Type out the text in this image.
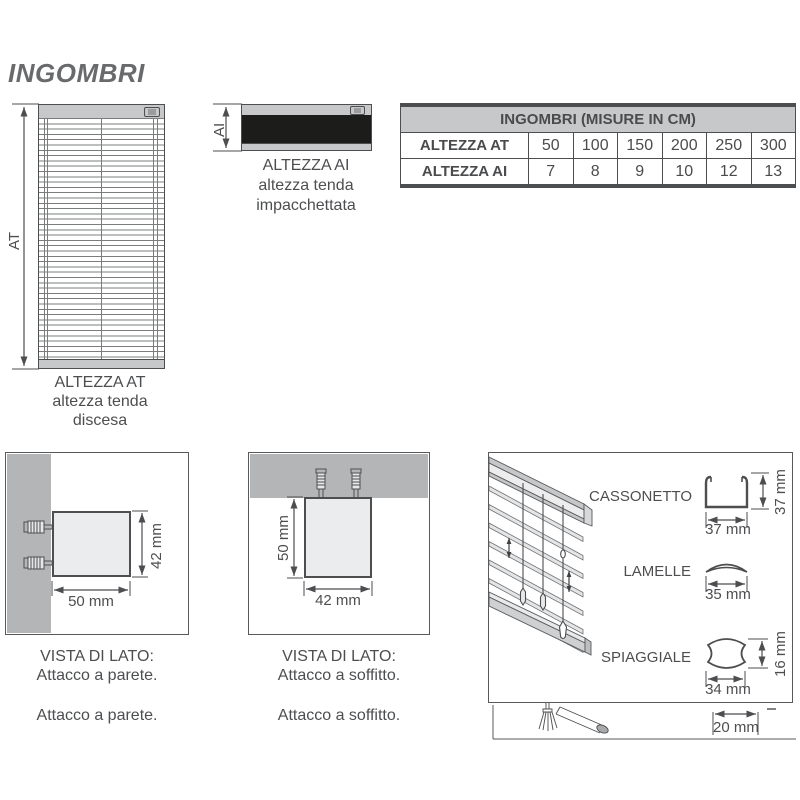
INGOMBRI
AT
ALTEZZA AT
altezza tenda
discesa
AI
ALTEZZA AI
altezza tenda
impacchettata
INGOMBRI (MISURE IN CM)						
ALTEZZA AT	50	100	150	200	250	300
ALTEZZA AI	7	8	9	10	12	13
42 mm
50 mm
VISTA DI LATO:
Attacco a parete.
Attacco a parete.
50 mm
42 mm
VISTA DI LATO:
Attacco a soffitto.
Attacco a soffitto.
CASSONETTO
LAMELLE
SPIAGGIALE
37 mm
37 mm
35 mm
16 mm
34 mm
20 mm
